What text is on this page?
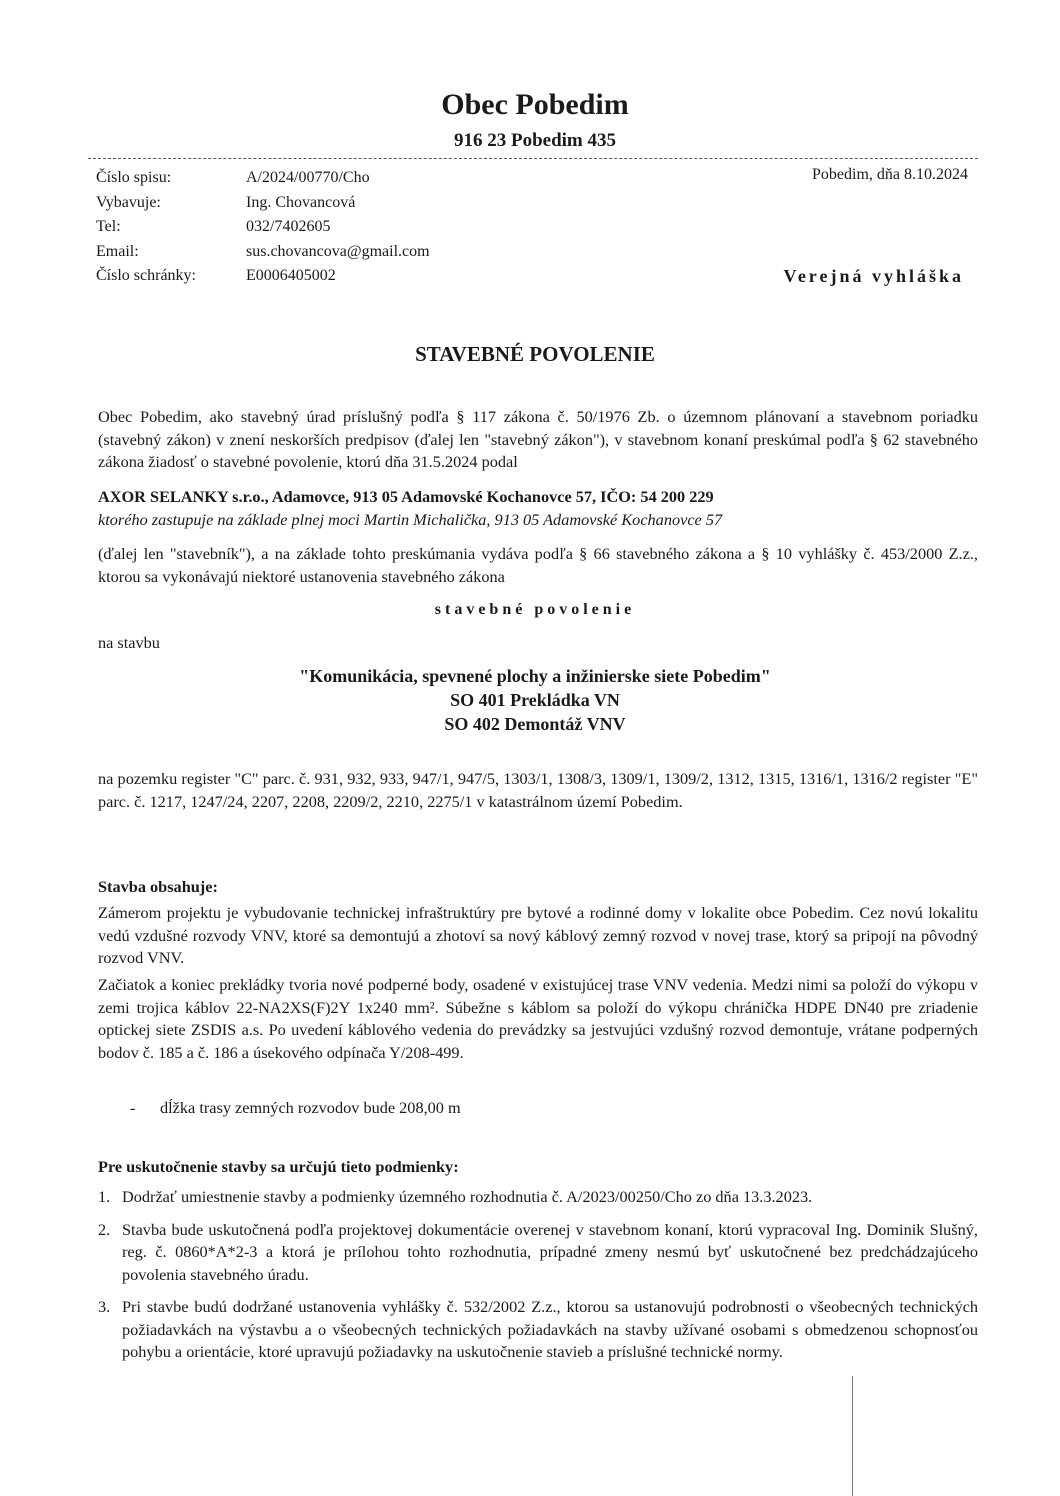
Obec Pobedim
916 23 Pobedim 435
Číslo spisu:	A/2024/00770/Cho
Vybavuje:	Ing. Chovancová
Tel:	032/7402605
Email:	sus.chovancova@gmail.com
Číslo schránky:	E0006405002
Pobedim, dňa 8.10.2024
Verejná vyhláška
STAVEBNÉ POVOLENIE
Obec Pobedim, ako stavebný úrad príslušný podľa § 117 zákona č. 50/1976 Zb. o územnom plánovaní a stavebnom poriadku (stavebný zákon) v znení neskorších predpisov (ďalej len "stavebný zákon"), v stavebnom konaní preskúmal podľa § 62 stavebného zákona žiadosť o stavebné povolenie, ktorú dňa 31.5.2024 podal
AXOR SELANKY s.r.o., Adamovce, 913 05 Adamovské Kochanovce 57, IČO: 54 200 229
ktorého zastupuje na základe plnej moci Martin Michalička, 913 05 Adamovské Kochanovce 57
(ďalej len "stavebník"), a na základe tohto preskúmania vydáva podľa § 66 stavebného zákona a § 10 vyhlášky č. 453/2000 Z.z., ktorou sa vykonávajú niektoré ustanovenia stavebného zákona
stavebné povolenie
na stavbu
"Komunikácia, spevnené plochy a inžinierske siete Pobedim"
SO 401 Prekládka VN
SO 402 Demontáž VNV
na pozemku register "C" parc. č. 931, 932, 933, 947/1, 947/5, 1303/1, 1308/3, 1309/1, 1309/2, 1312, 1315, 1316/1, 1316/2 register "E" parc. č. 1217, 1247/24, 2207, 2208, 2209/2, 2210, 2275/1 v katastrálnom území Pobedim.
Stavba obsahuje:
Zámerom projektu je vybudovanie technickej infraštruktúry pre bytové a rodinné domy v lokalite obce Pobedim. Cez novú lokalitu vedú vzdušné rozvody VNV, ktoré sa demontujú a zhotoví sa nový káblový zemný rozvod v novej trase, ktorý sa pripojí na pôvodný rozvod VNV.
Začiatok a koniec prekládky tvoria nové podperné body, osadené v existujúcej trase VNV vedenia. Medzi nimi sa položí do výkopu v zemi trojica káblov 22-NA2XS(F)2Y 1x240 mm². Súbežne s káblom sa položí do výkopu chránička HDPE DN40 pre zriadenie optickej siete ZSDIS a.s. Po uvedení káblového vedenia do prevádzky sa jestvujúci vzdušný rozvod demontuje, vrátane podperných bodov č. 185 a č. 186 a úsekového odpínača Y/208-499.
- dĺžka trasy zemných rozvodov bude 208,00 m
Pre uskutočnenie stavby sa určujú tieto podmienky:
1. Dodržať umiestnenie stavby a podmienky územného rozhodnutia č. A/2023/00250/Cho zo dňa 13.3.2023.
2. Stavba bude uskutočnená podľa projektovej dokumentácie overenej v stavebnom konaní, ktorú vypracoval Ing. Dominik Slušný, reg. č. 0860*A*2-3 a ktorá je prílohou tohto rozhodnutia, prípadné zmeny nesmú byť uskutočnené bez predchádzajúceho povolenia stavebného úradu.
3. Pri stavbe budú dodržané ustanovenia vyhlášky č. 532/2002 Z.z., ktorou sa ustanovujú podrobnosti o všeobecných technických požiadavkách na výstavbu a o všeobecných technických požiadavkách na stavby užívané osobami s obmedzenou schopnosťou pohybu a orientácie, ktoré upravujú požiadavky na uskutočnenie stavieb a príslušné technické normy.
